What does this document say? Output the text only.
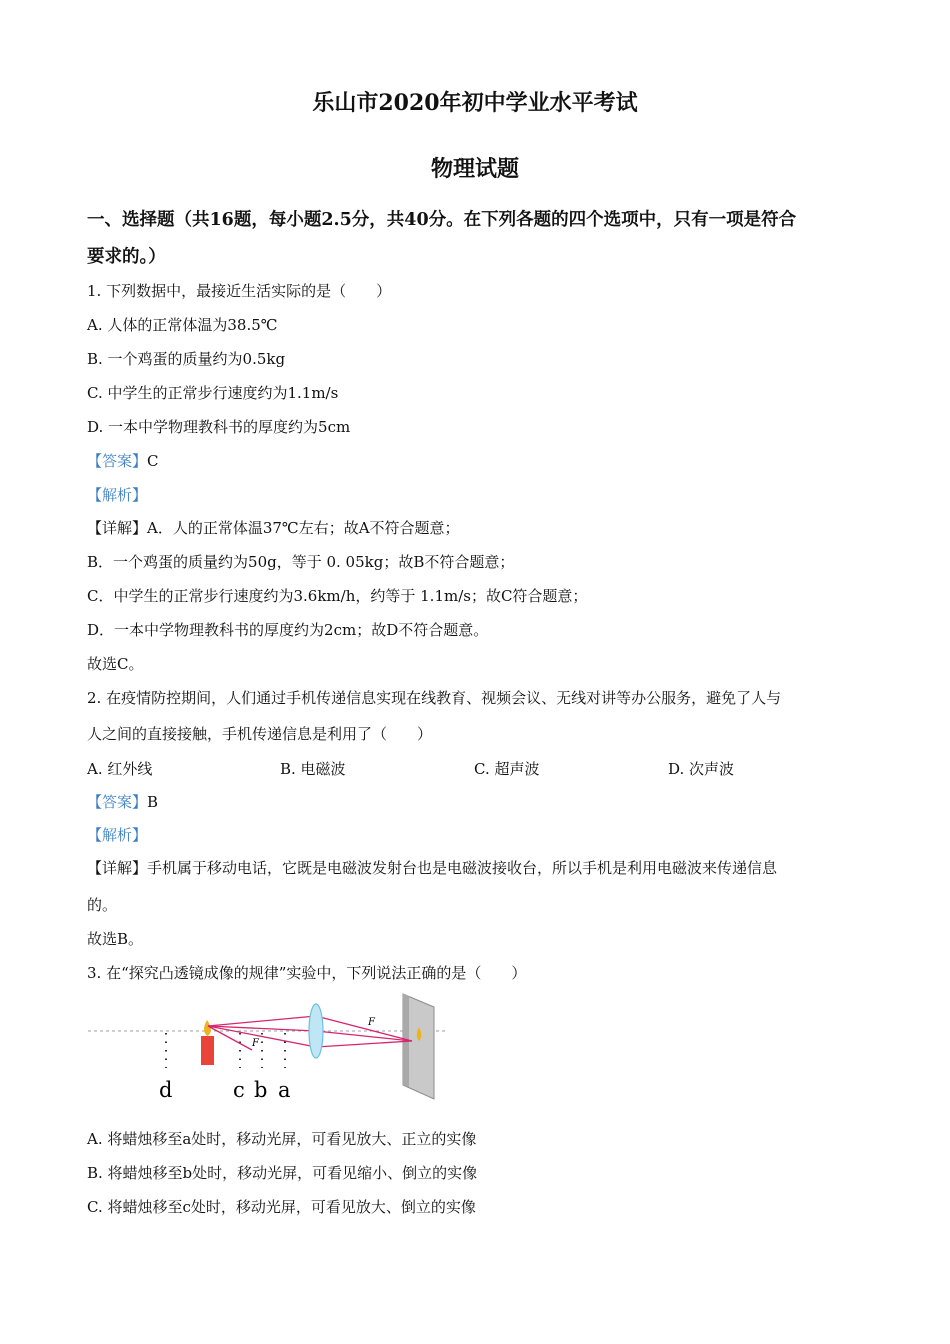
乐山市2020年初中学业水平考试
物理试题
一、选择题（共16题，每小题2.5分，共40分。在下列各题的四个选项中，只有一项是符合
要求的。）
1. 下列数据中，最接近生活实际的是（　　）
A. 人体的正常体温为38.5℃
B. 一个鸡蛋的质量约为0.5kg
C. 中学生的正常步行速度约为1.1m/s
D. 一本中学物理教科书的厚度约为5cm
【答案】C
【解析】
【详解】A．人的正常体温37℃左右；故A不符合题意；
B．一个鸡蛋的质量约为50g，等于 0. 05kg；故B不符合题意；
C．中学生的正常步行速度约为3.6km/h，约等于 1.1m/s；故C符合题意；
D．一本中学物理教科书的厚度约为2cm；故D不符合题意。
故选C。
2. 在疫情防控期间，人们通过手机传递信息实现在线教育、视频会议、无线对讲等办公服务，避免了人与
人之间的直接接触，手机传递信息是利用了（　　）
A. 红外线	B. 电磁波	C. 超声波	D. 次声波
【答案】B
【解析】
【详解】手机属于移动电话，它既是电磁波发射台也是电磁波接收台，所以手机是利用电磁波来传递信息
的。
故选B。
3. 在“探究凸透镜成像的规律”实验中，下列说法正确的是（　　）
F
F
d	c b a
A. 将蜡烛移至a处时，移动光屏，可看见放大、正立的实像
B. 将蜡烛移至b处时，移动光屏，可看见缩小、倒立的实像
C. 将蜡烛移至c处时，移动光屏，可看见放大、倒立的实像
